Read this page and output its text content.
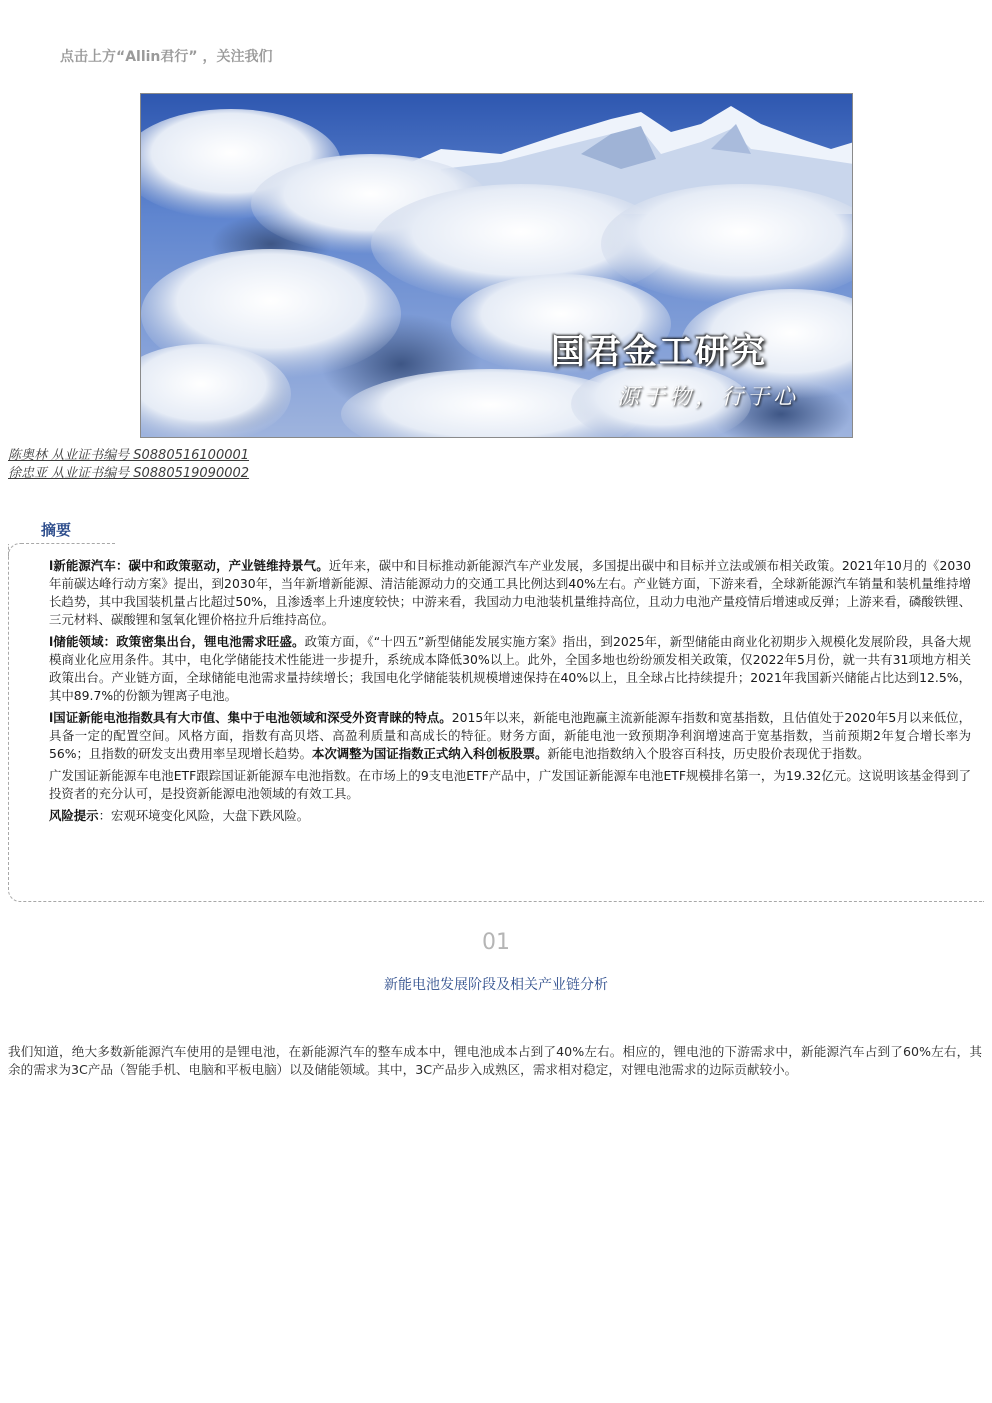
点击上方“Allin君行” ，关注我们
国君金工研究
源于物，行于心
陈奥林 从业证书编号 S0880516100001
徐忠亚 从业证书编号 S0880519090002
摘要

l新能源汽车：碳中和政策驱动，产业链维持景气。近年来，碳中和目标推动新能源汽车产业发展，多国提出碳中和目标并立法或颁布相关政策。2021年10月的《2030年前碳达峰行动方案》提出，到2030年，当年新增新能源、清洁能源动力的交通工具比例达到40%左右。产业链方面，下游来看，全球新能源汽车销量和装机量维持增长趋势，其中我国装机量占比超过50%，且渗透率上升速度较快；中游来看，我国动力电池装机量维持高位，且动力电池产量疫情后增速或反弹；上游来看，磷酸铁锂、三元材料、碳酸锂和氢氧化锂价格拉升后维持高位。

l储能领域：政策密集出台，锂电池需求旺盛。政策方面，《“十四五”新型储能发展实施方案》指出，到2025年，新型储能由商业化初期步入规模化发展阶段，具备大规模商业化应用条件。其中，电化学储能技术性能进一步提升，系统成本降低30%以上。此外，全国多地也纷纷颁发相关政策，仅2022年5月份，就一共有31项地方相关政策出台。产业链方面，全球储能电池需求量持续增长；我国电化学储能装机规模增速保持在40%以上，且全球占比持续提升；2021年我国新兴储能占比达到12.5%，其中89.7%的份额为锂离子电池。

l国证新能电池指数具有大市值、集中于电池领域和深受外资青睐的特点。2015年以来，新能电池跑赢主流新能源车指数和宽基指数，且估值处于2020年5月以来低位，具备一定的配置空间。风格方面，指数有高贝塔、高盈利质量和高成长的特征。财务方面，新能电池一致预期净利润增速高于宽基指数，当前预期2年复合增长率为56%；且指数的研发支出费用率呈现增长趋势。本次调整为国证指数正式纳入科创板股票。新能电池指数纳入个股容百科技，历史股价表现优于指数。

广发国证新能源车电池ETF跟踪国证新能源车电池指数。在市场上的9支电池ETF产品中，广发国证新能源车电池ETF规模排名第一，为19.32亿元。这说明该基金得到了投资者的充分认可，是投资新能源电池领域的有效工具。

风险提示：宏观环境变化风险，大盘下跌风险。

01
新能电池发展阶段及相关产业链分析
我们知道，绝大多数新能源汽车使用的是锂电池，在新能源汽车的整车成本中，锂电池成本占到了40%左右。相应的，锂电池的下游需求中，新能源汽车占到了60%左右，其余的需求为3C产品（智能手机、电脑和平板电脑）以及储能领域。其中，3C产品步入成熟区，需求相对稳定，对锂电池需求的边际贡献较小。
